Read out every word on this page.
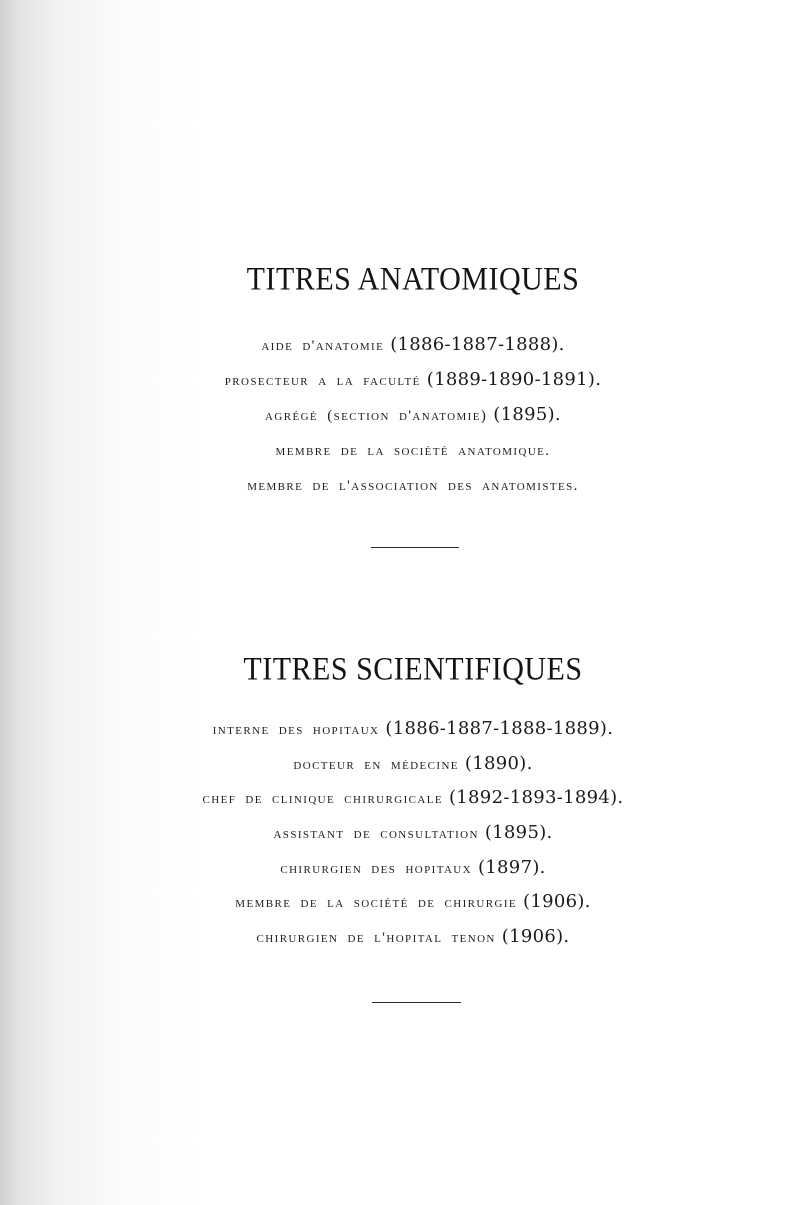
TITRES ANATOMIQUES
aide d'anatomie (1886-1887-1888).
prosecteur a la faculté (1889-1890-1891).
agrégé (section d'anatomie) (1895).
membre de la société anatomique.
membre de l'association des anatomistes.
TITRES SCIENTIFIQUES
interne des hopitaux (1886-1887-1888-1889).
docteur en médecine (1890).
chef de clinique chirurgicale (1892-1893-1894).
assistant de consultation (1895).
chirurgien des hopitaux (1897).
membre de la société de chirurgie (1906).
chirurgien de l'hopital tenon (1906).
